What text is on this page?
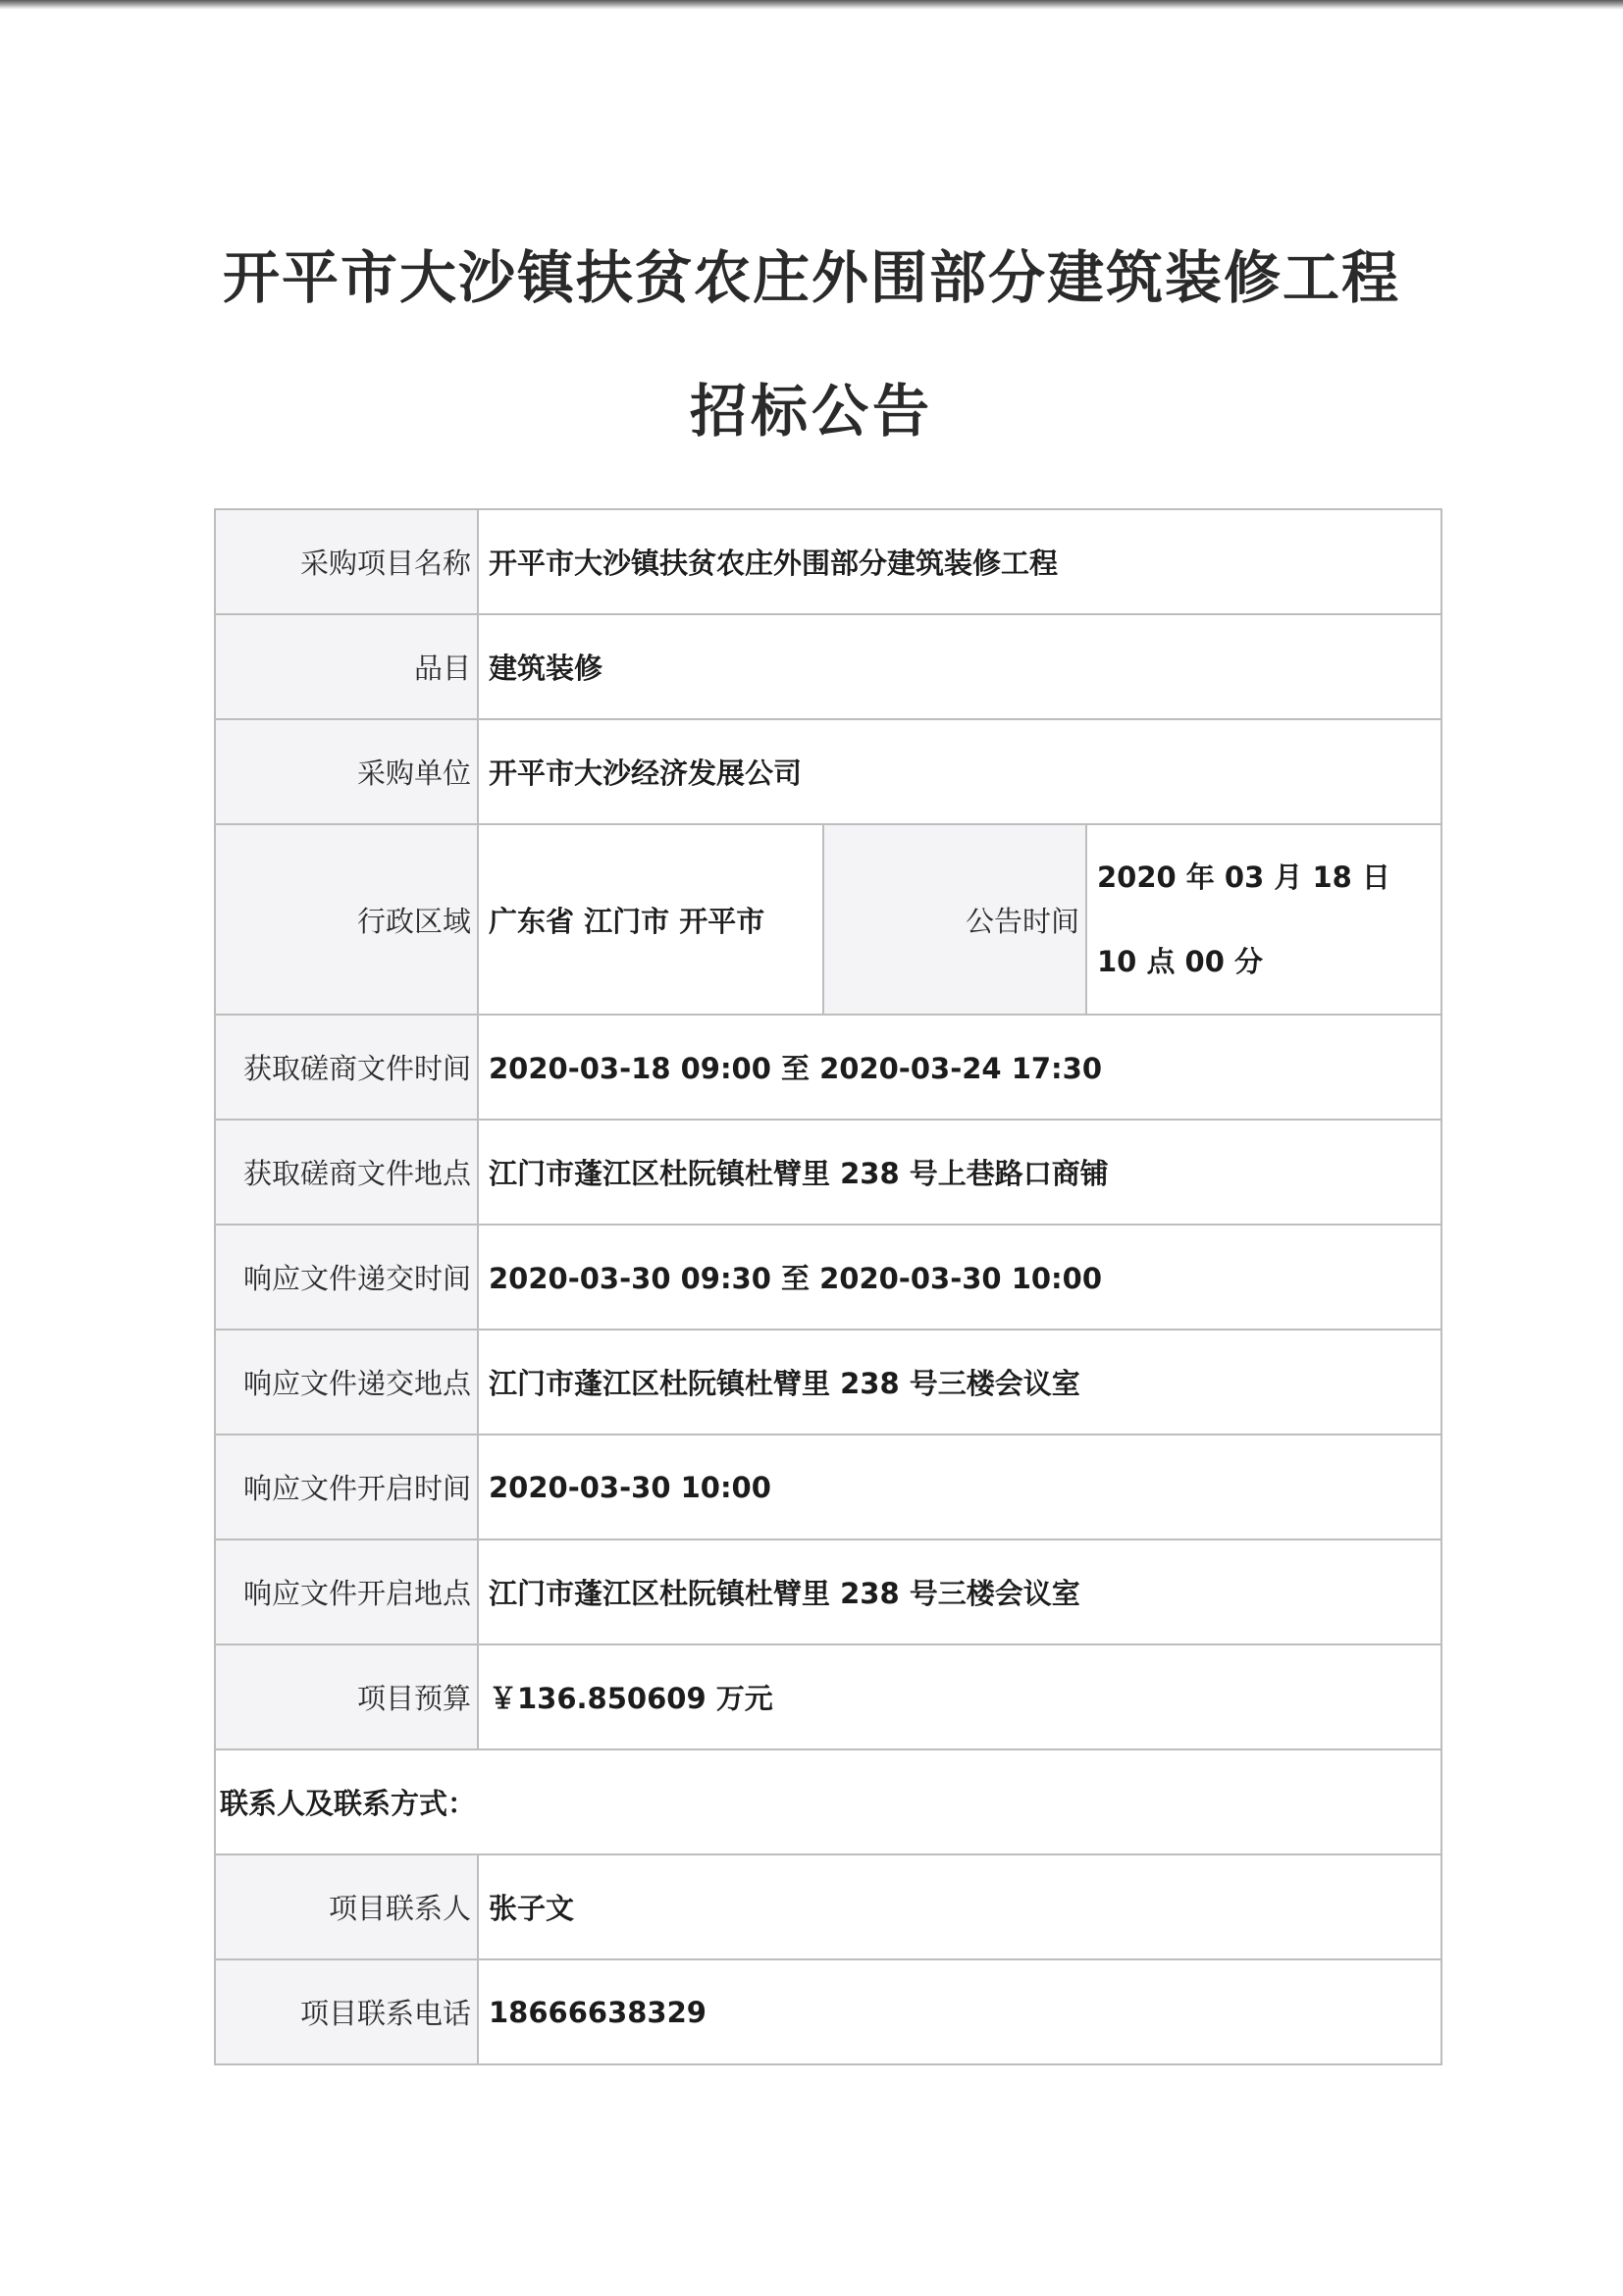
开平市大沙镇扶贫农庄外围部分建筑装修工程
招标公告
采购项目名称	开平市大沙镇扶贫农庄外围部分建筑装修工程		
品目	建筑装修		
采购单位	开平市大沙经济发展公司		
行政区域	广东省 江门市 开平市	公告时间	2020 年 03 月 18 日
10 点 00 分

获取磋商文件时间	2020-03-18 09:00 至 2020-03-24 17:30		
获取磋商文件地点	江门市蓬江区杜阮镇杜臂里 238 号上巷路口商铺		
响应文件递交时间	2020-03-30 09:30 至 2020-03-30 10:00		
响应文件递交地点	江门市蓬江区杜阮镇杜臂里 238 号三楼会议室		
响应文件开启时间	2020-03-30 10:00		
响应文件开启地点	江门市蓬江区杜阮镇杜臂里 238 号三楼会议室		
项目预算	￥136.850609 万元		
联系人及联系方式：			
项目联系人	张子文		
项目联系电话	18666638329		
